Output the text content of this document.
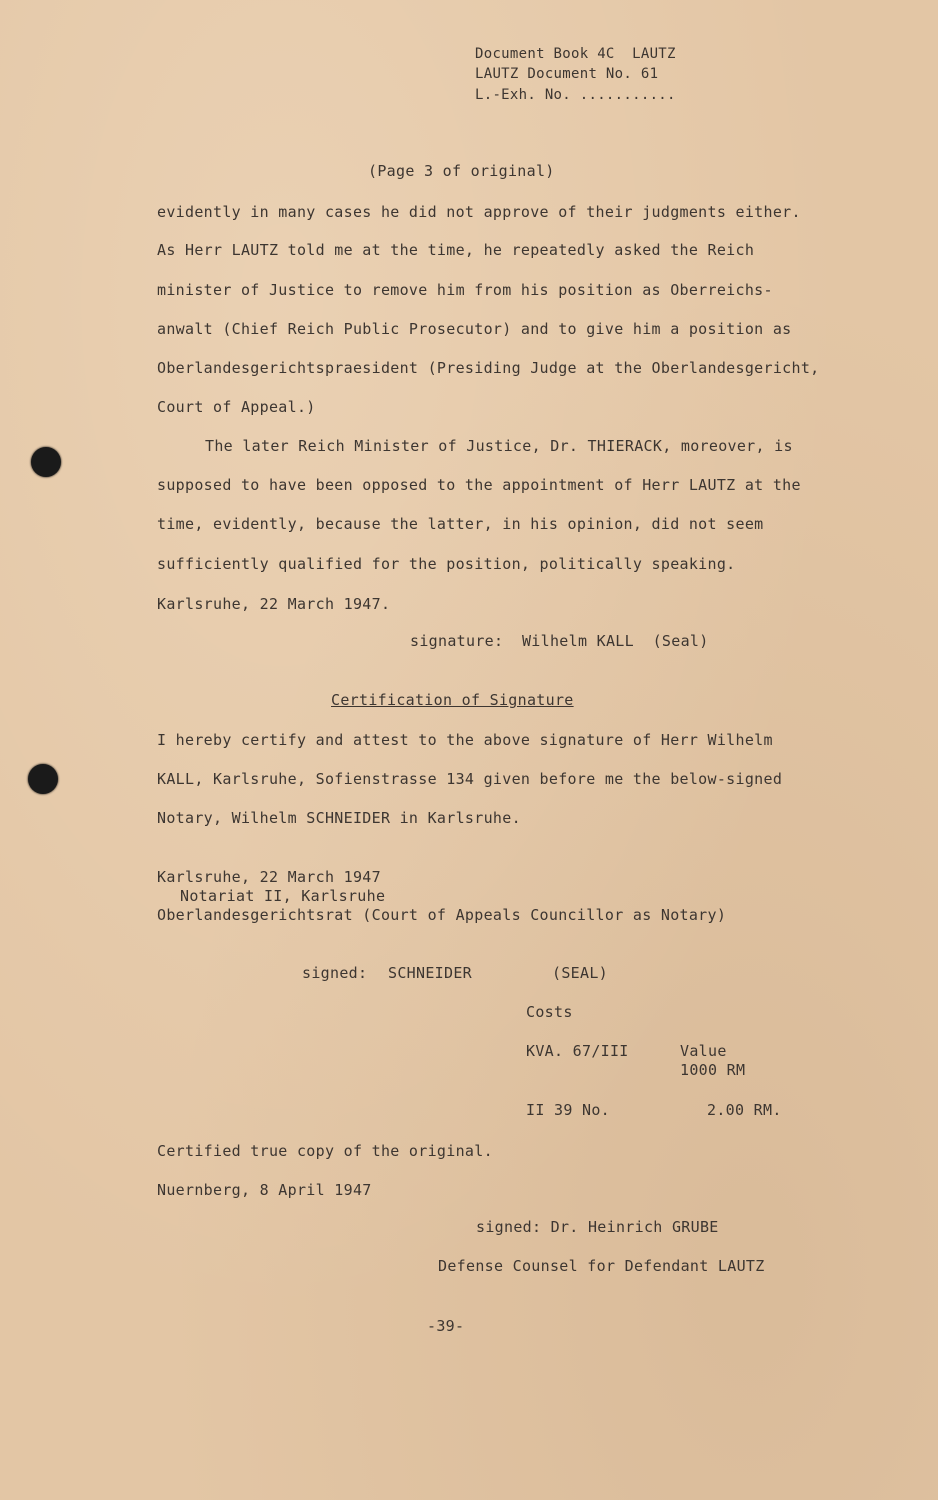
Document Book 4C  LAUTZ
LAUTZ Document No. 61
L.-Exh. No. ...........
(Page 3 of original)
evidently in many cases he did not approve of their judgments either.
As Herr LAUTZ told me at the time, he repeatedly asked the Reich
minister of Justice to remove him from his position as Oberreichs-
anwalt (Chief Reich Public Prosecutor) and to give him a position as
Oberlandesgerichtspraesident (Presiding Judge at the Oberlandesgericht,
Court of Appeal.)
The later Reich Minister of Justice, Dr. THIERACK, moreover, is
supposed to have been opposed to the appointment of Herr LAUTZ at the
time, evidently, because the latter, in his opinion, did not seem
sufficiently qualified for the position, politically speaking.
Karlsruhe, 22 March 1947.
signature:  Wilhelm KALL  (Seal)
Certification of Signature
I hereby certify and attest to the above signature of Herr Wilhelm
KALL, Karlsruhe, Sofienstrasse 134 given before me the below-signed
Notary, Wilhelm SCHNEIDER in Karlsruhe.
Karlsruhe, 22 March 1947
Notariat II, Karlsruhe
Oberlandesgerichtsrat (Court of Appeals Councillor as Notary)
signed: SCHNEIDER	(SEAL)
Costs
KVA. 67/III	Value
1000 RM
II 39 No.	2.00 RM.
Certified true copy of the original.
Nuernberg, 8 April 1947
signed: Dr. Heinrich GRUBE
Defense Counsel for Defendant LAUTZ
-39-
